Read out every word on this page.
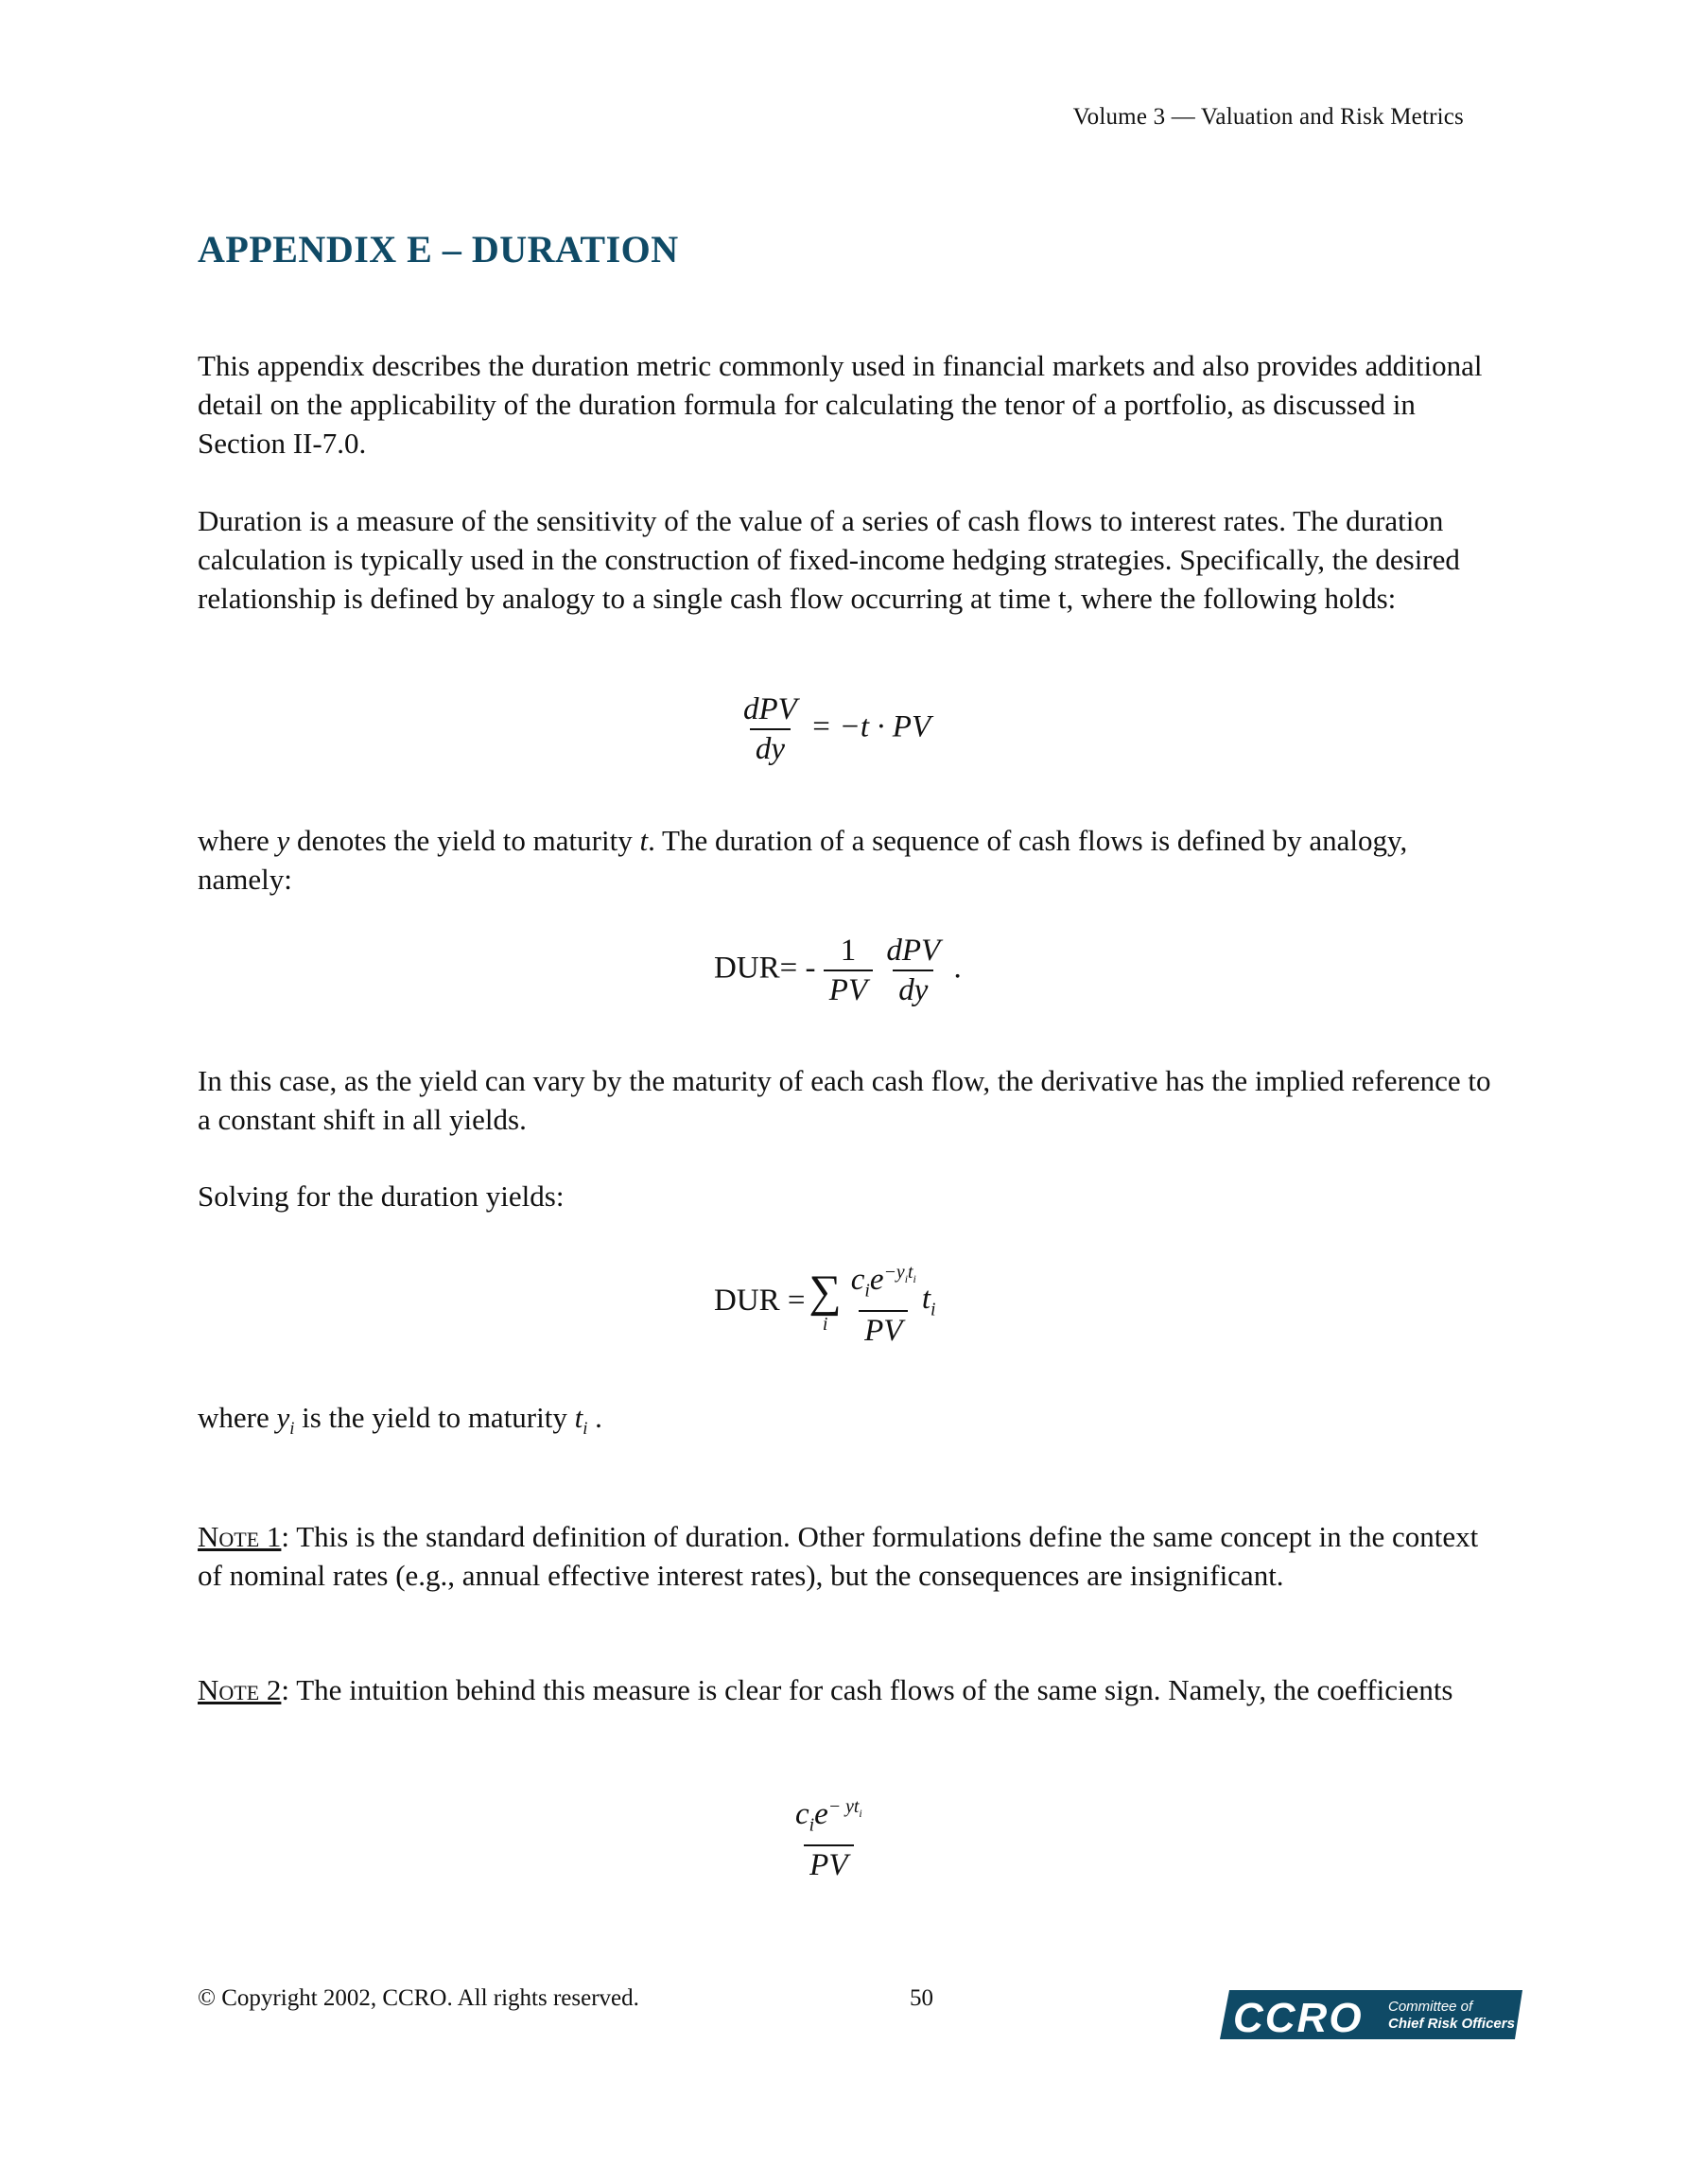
Volume 3 — Valuation and Risk Metrics
APPENDIX E – DURATION
This appendix describes the duration metric commonly used in financial markets and also provides additional detail on the applicability of the duration formula for calculating the tenor of a portfolio, as discussed in Section II-7.0.
Duration is a measure of the sensitivity of the value of a series of cash flows to interest rates. The duration calculation is typically used in the construction of fixed-income hedging strategies. Specifically, the desired relationship is defined by analogy to a single cash flow occurring at time t, where the following holds:
$\frac{\text{dPV}}{dy} = -t$ · PV
where y denotes the yield to maturity t. The duration of a sequence of cash flows is defined by analogy, namely:
$DUR= - \frac{1}{PV}$
$\frac{\text{dPV}}{dy}$ .
In this case, as the yield can vary by the maturity of each cash flow, the derivative has the implied reference to a constant shift in all yields.
Solving for the duration yields:
DUR = ∑
i $\frac{c_ie^{-y_it_i}}{PV} t_i$
where $y_i$ is the yield to maturity $t_i$ .
Note 1: This is the standard definition of duration. Other formulations define the same concept in the context of nominal rates (e.g., annual effective interest rates), but the consequences are insignificant.
Note 2: The intuition behind this measure is clear for cash flows of the same sign. Namely, the coefficients
$\frac{c_ie^{- yt_i}}{PV}$
© Copyright 2002, CCRO. All rights reserved.	50	CCRO Committee of
Chief Risk Officers
